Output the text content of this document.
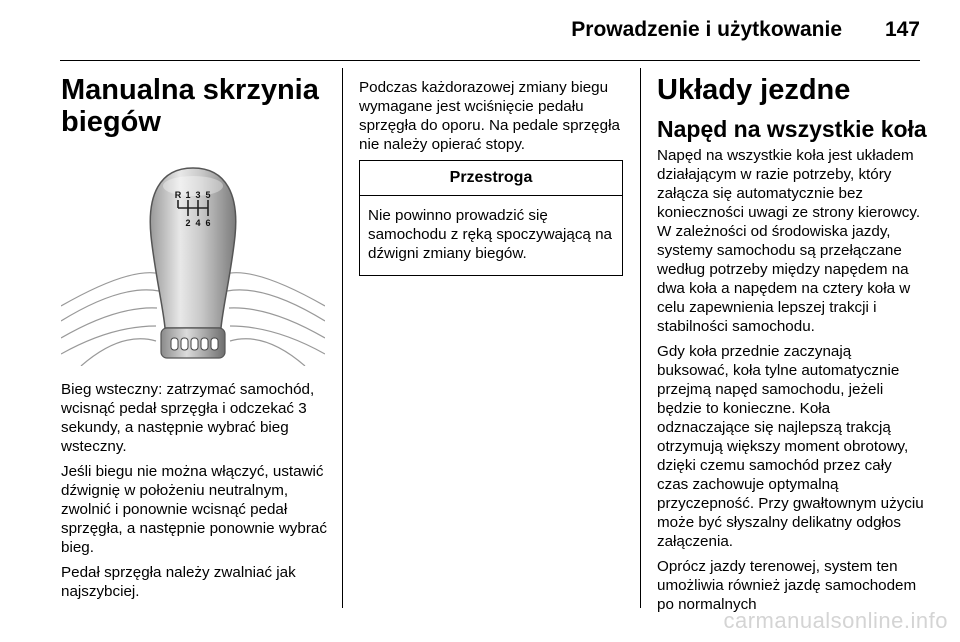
Prowadzenie i użytkowanie 147
Manualna skrzynia biegów
R 1 3 5
2 4 6

Bieg wsteczny: zatrzymać samochód, wcisnąć pedał sprzęgła i odczekać 3 sekundy, a następnie wybrać bieg wsteczny.

Jeśli biegu nie można włączyć, ustawić dźwignię w położeniu neutralnym, zwolnić i ponownie wcisnąć pedał sprzęgła, a następnie ponownie wybrać bieg.

Pedał sprzęgła należy zwalniać jak najszybciej.

Podczas każdorazowej zmiany biegu wymagane jest wciśnięcie pedału sprzęgła do oporu. Na pedale sprzęgła nie należy opierać stopy.

Przestroga

Nie powinno prowadzić się samochodu z ręką spoczywającą na dźwigni zmiany biegów.

Układy jezdne
Napęd na wszystkie koła

Napęd na wszystkie koła jest układem działającym w razie potrzeby, który załącza się automatycznie bez konieczności uwagi ze strony kierowcy. W zależności od środowiska jazdy, systemy samochodu są przełączane według potrzeby między napędem na dwa koła a napędem na cztery koła w celu zapewnienia lepszej trakcji i stabilności samochodu.

Gdy koła przednie zaczynają buksować, koła tylne automatycznie przejmą napęd samochodu, jeżeli będzie to konieczne. Koła odznaczające się najlepszą trakcją otrzymują większy moment obrotowy, dzięki czemu samochód przez cały czas zachowuje optymalną przyczepność. Przy gwałtownym użyciu może być słyszalny delikatny odgłos załączenia.

Oprócz jazdy terenowej, system ten umożliwia również jazdę samochodem po normalnych

carmanualsonline.info
